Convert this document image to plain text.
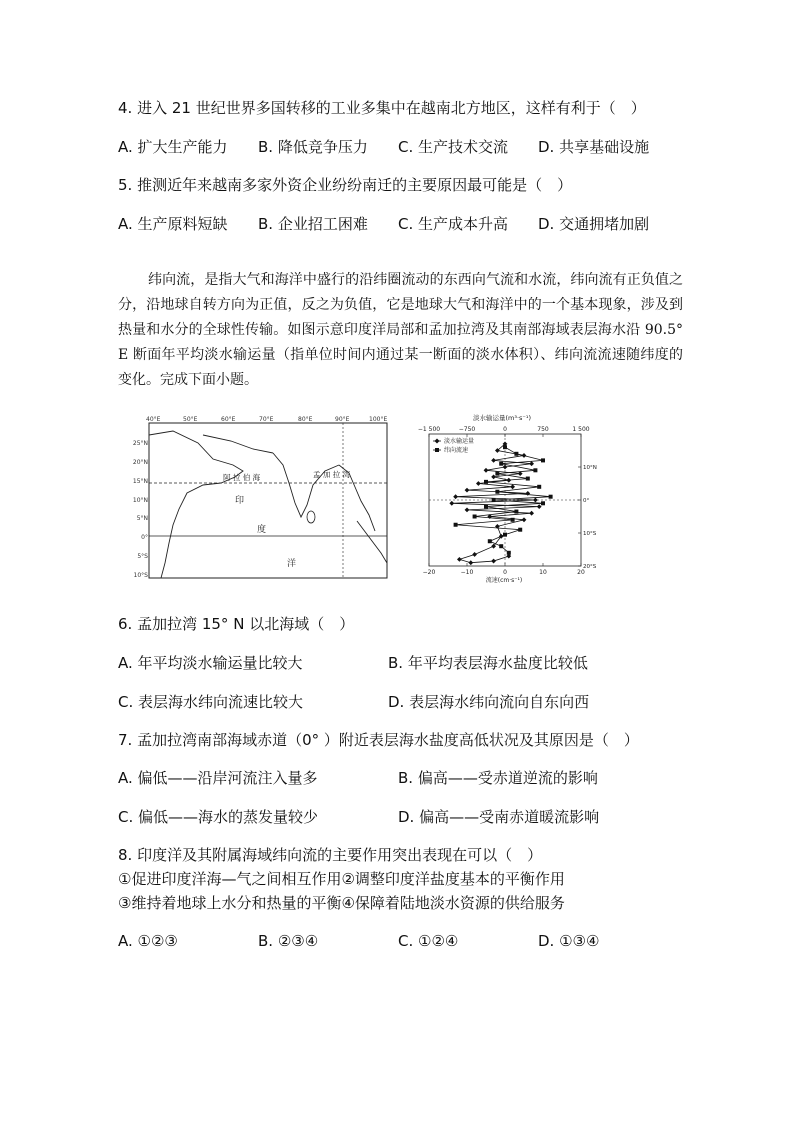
4. 进入 21 世纪世界多国转移的工业多集中在越南北方地区，这样有利于（　）
A. 扩大生产能力 B. 降低竞争压力 C. 生产技术交流 D. 共享基础设施
5. 推测近年来越南多家外资企业纷纷南迁的主要原因最可能是（　）
A. 生产原料短缺 B. 企业招工困难 C. 生产成本升高 D. 交通拥堵加剧
纬向流，是指大气和海洋中盛行的沿纬圈流动的东西向气流和水流，纬向流有正负值之分，沿地球自转方向为正值，反之为负值，它是地球大气和海洋中的一个基本现象，涉及到热量和水分的全球性传输。如图示意印度洋局部和孟加拉湾及其南部海域表层海水沿 90.5° E 断面年平均淡水输运量（指单位时间内通过某一断面的淡水体积）、纬向流流速随纬度的变化。完成下面小题。
40°E	50°E	60°E	70°E	80°E	90°E	100°E
25°N
20°N
15°N
10°N
5°N
0°
5°S
10°S
阿 拉 伯 海	孟 加 拉 湾
印
度
洋
淡水输运量(m³·s⁻¹)
−1 500	−750	0	750	1 500
−20	−10	0	10	20
10°N
0°
10°S
20°S
淡水输运量
纬向流速
流速(cm·s⁻¹)
6. 孟加拉湾 15° N 以北海域（　）
A. 年平均淡水输运量比较大	B. 年平均表层海水盐度比较低
C. 表层海水纬向流速比较大	D. 表层海水纬向流向自东向西
7. 孟加拉湾南部海域赤道（0° ）附近表层海水盐度高低状况及其原因是（　）
A. 偏低——沿岸河流注入量多	B. 偏高——受赤道逆流的影响
C. 偏低——海水的蒸发量较少	D. 偏高——受南赤道暖流影响
8. 印度洋及其附属海域纬向流的主要作用突出表现在可以（　）
①促进印度洋海—气之间相互作用②调整印度洋盐度基本的平衡作用
③维持着地球上水分和热量的平衡④保障着陆地淡水资源的供给服务
A. ①②③	B. ②③④	C. ①②④	D. ①③④
